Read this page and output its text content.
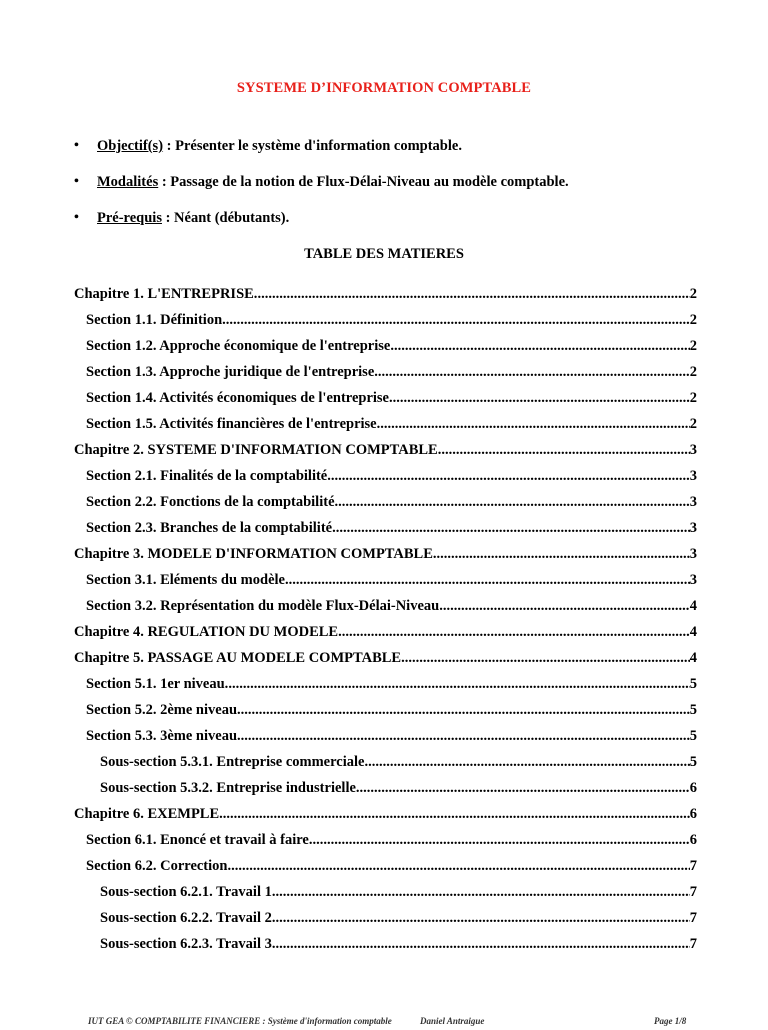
SYSTEME D’INFORMATION COMPTABLE
• Objectif(s) : Présenter le système d'information comptable.
• Modalités : Passage de la notion de Flux-Délai-Niveau au modèle comptable.
• Pré-requis : Néant (débutants).
TABLE DES MATIERES
Chapitre 1. L'ENTREPRISE. .....	2
Section 1.1. Définition. .....	2
Section 1.2. Approche économique de l'entreprise. .....	2
Section 1.3. Approche juridique de l'entreprise. .....	2
Section 1.4. Activités économiques de l'entreprise .....	2
Section 1.5. Activités financières de l'entreprise. .....	2
Chapitre 2. SYSTEME D'INFORMATION COMPTABLE .....	3
Section 2.1. Finalités de la comptabilité .....	3
Section 2.2. Fonctions de la comptabilité. .....	3
Section 2.3. Branches de la comptabilité. .....	3
Chapitre 3. MODELE D'INFORMATION COMPTABLE. .....	3
Section 3.1. Eléments du modèle. .....	3
Section 3.2. Représentation du modèle Flux-Délai-Niveau. .....	4
Chapitre 4. REGULATION DU MODELE. .....	4
Chapitre 5. PASSAGE AU MODELE COMPTABLE .....	4
Section 5.1. 1er niveau. .....	5
Section 5.2. 2ème niveau. .....	5
Section 5.3. 3ème niveau. .....	5
Sous-section 5.3.1. Entreprise commerciale. .....	5
Sous-section 5.3.2. Entreprise industrielle. .....	6
Chapitre 6. EXEMPLE .....	6
Section 6.1. Enoncé et travail à faire. .....	6
Section 6.2. Correction. .....	7
Sous-section 6.2.1. Travail 1. .....	7
Sous-section 6.2.2. Travail 2. .....	7
Sous-section 6.2.3. Travail 3. .....	7
IUT GEA © COMPTABILITE FINANCIERE : Système d'information comptable	Daniel Antraigue	Page 1/8
